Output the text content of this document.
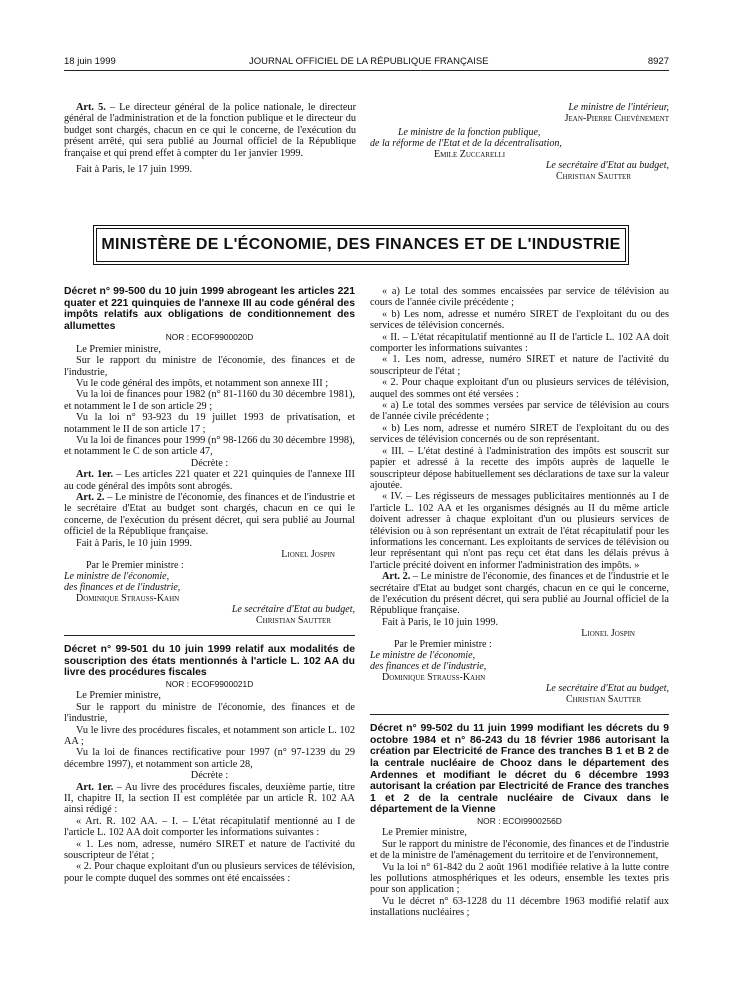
18 juin 1999	JOURNAL OFFICIEL DE LA RÉPUBLIQUE FRANÇAISE	8927

Art. 5. – Le directeur général de la police nationale, le directeur général de l'administration et de la fonction publique et le directeur du budget sont chargés, chacun en ce qui le concerne, de l'exécution du présent arrêté, qui sera publié au Journal officiel de la République française et qui prend effet à compter du 1er janvier 1999.

Fait à Paris, le 17 juin 1999.

Le ministre de l'intérieur,
Jean-Pierre Chevènement
Le ministre de la fonction publique,
de la réforme de l'Etat et de la décentralisation,
Emile Zuccarelli
Le secrétaire d'Etat au budget,
Christian Sautter
MINISTÈRE DE L'ÉCONOMIE, DES FINANCES ET DE L'INDUSTRIE

Décret n° 99-500 du 10 juin 1999 abrogeant les articles 221 quater et 221 quinquies de l'annexe III au code général des impôts relatifs aux obligations de conditionnement des allumettes

NOR : ECOF9900020D

Le Premier ministre,

Sur le rapport du ministre de l'économie, des finances et de l'industrie,

Vu le code général des impôts, et notamment son annexe III ;

Vu la loi de finances pour 1982 (n° 81-1160 du 30 décembre 1981), et notamment le I de son article 29 ;

Vu la loi n° 93-923 du 19 juillet 1993 de privatisation, et notamment le II de son article 17 ;

Vu la loi de finances pour 1999 (n° 98-1266 du 30 décembre 1998), et notamment le C de son article 47,

Décrète :

Art. 1er. – Les articles 221 quater et 221 quinquies de l'annexe III au code général des impôts sont abrogés.

Art. 2. – Le ministre de l'économie, des finances et de l'industrie et le secrétaire d'Etat au budget sont chargés, chacun en ce qui le concerne, de l'exécution du présent décret, qui sera publié au Journal officiel de la République française.

Fait à Paris, le 10 juin 1999.

Lionel Jospin
Par le Premier ministre :
Le ministre de l'économie,
des finances et de l'industrie,
Dominique Strauss-Kahn
Le secrétaire d'Etat au budget,
Christian Sautter

Décret n° 99-501 du 10 juin 1999 relatif aux modalités de souscription des états mentionnés à l'article L. 102 AA du livre des procédures fiscales

NOR : ECOF9900021D

Le Premier ministre,

Sur le rapport du ministre de l'économie, des finances et de l'industrie,

Vu le livre des procédures fiscales, et notamment son article L. 102 AA ;

Vu la loi de finances rectificative pour 1997 (n° 97-1239 du 29 décembre 1997), et notamment son article 28,

Décrète :

Art. 1er. – Au livre des procédures fiscales, deuxième partie, titre II, chapitre II, la section II est complétée par un article R. 102 AA ainsi rédigé :

« Art. R. 102 AA. – I. – L'état récapitulatif mentionné au I de l'article L. 102 AA doit comporter les informations suivantes :

« 1. Les nom, adresse, numéro SIRET et nature de l'activité du souscripteur de l'état ;

« 2. Pour chaque exploitant d'un ou plusieurs services de télévision, pour le compte duquel des sommes ont été encaissées :

« a) Le total des sommes encaissées par service de télévision au cours de l'année civile précédente ;

« b) Les nom, adresse et numéro SIRET de l'exploitant du ou des services de télévision concernés.

« II. – L'état récapitulatif mentionné au II de l'article L. 102 AA doit comporter les informations suivantes :

« 1. Les nom, adresse, numéro SIRET et nature de l'activité du souscripteur de l'état ;

« 2. Pour chaque exploitant d'un ou plusieurs services de télévision, auquel des sommes ont été versées :

« a) Le total des sommes versées par service de télévision au cours de l'année civile précédente ;

« b) Les nom, adresse et numéro SIRET de l'exploitant du ou des services de télévision concernés ou de son représentant.

« III. – L'état destiné à l'administration des impôts est souscrit sur papier et adressé à la recette des impôts auprès de laquelle le souscripteur dépose habituellement ses déclarations de taxe sur la valeur ajoutée.

« IV. – Les régisseurs de messages publicitaires mentionnés au I de l'article L. 102 AA et les organismes désignés au II du même article doivent adresser à chaque exploitant d'un ou plusieurs services de télévision ou à son représentant un extrait de l'état récapitulatif pour les informations les concernant. Les exploitants de services de télévision ou leur représentant qui n'ont pas reçu cet état dans les délais prévus à l'article précité doivent en informer l'administration des impôts. »

Art. 2. – Le ministre de l'économie, des finances et de l'industrie et le secrétaire d'Etat au budget sont chargés, chacun en ce qui le concerne, de l'exécution du présent décret, qui sera publié au Journal officiel de la République française.

Fait à Paris, le 10 juin 1999.

Lionel Jospin
Par le Premier ministre :
Le ministre de l'économie,
des finances et de l'industrie,
Dominique Strauss-Kahn
Le secrétaire d'Etat au budget,
Christian Sautter

Décret n° 99-502 du 11 juin 1999 modifiant les décrets du 9 octobre 1984 et n° 86-243 du 18 février 1986 autorisant la création par Electricité de France des tranches B 1 et B 2 de la centrale nucléaire de Chooz dans le département des Ardennes et modifiant le décret du 6 décembre 1993 autorisant la création par Electricité de France des tranches 1 et 2 de la centrale nucléaire de Civaux dans le département de la Vienne

NOR : ECOI9900256D

Le Premier ministre,

Sur le rapport du ministre de l'économie, des finances et de l'industrie et de la ministre de l'aménagement du territoire et de l'environnement,

Vu la loi n° 61-842 du 2 août 1961 modifiée relative à la lutte contre les pollutions atmosphériques et les odeurs, ensemble les textes pris pour son application ;

Vu le décret n° 63-1228 du 11 décembre 1963 modifié relatif aux installations nucléaires ;
